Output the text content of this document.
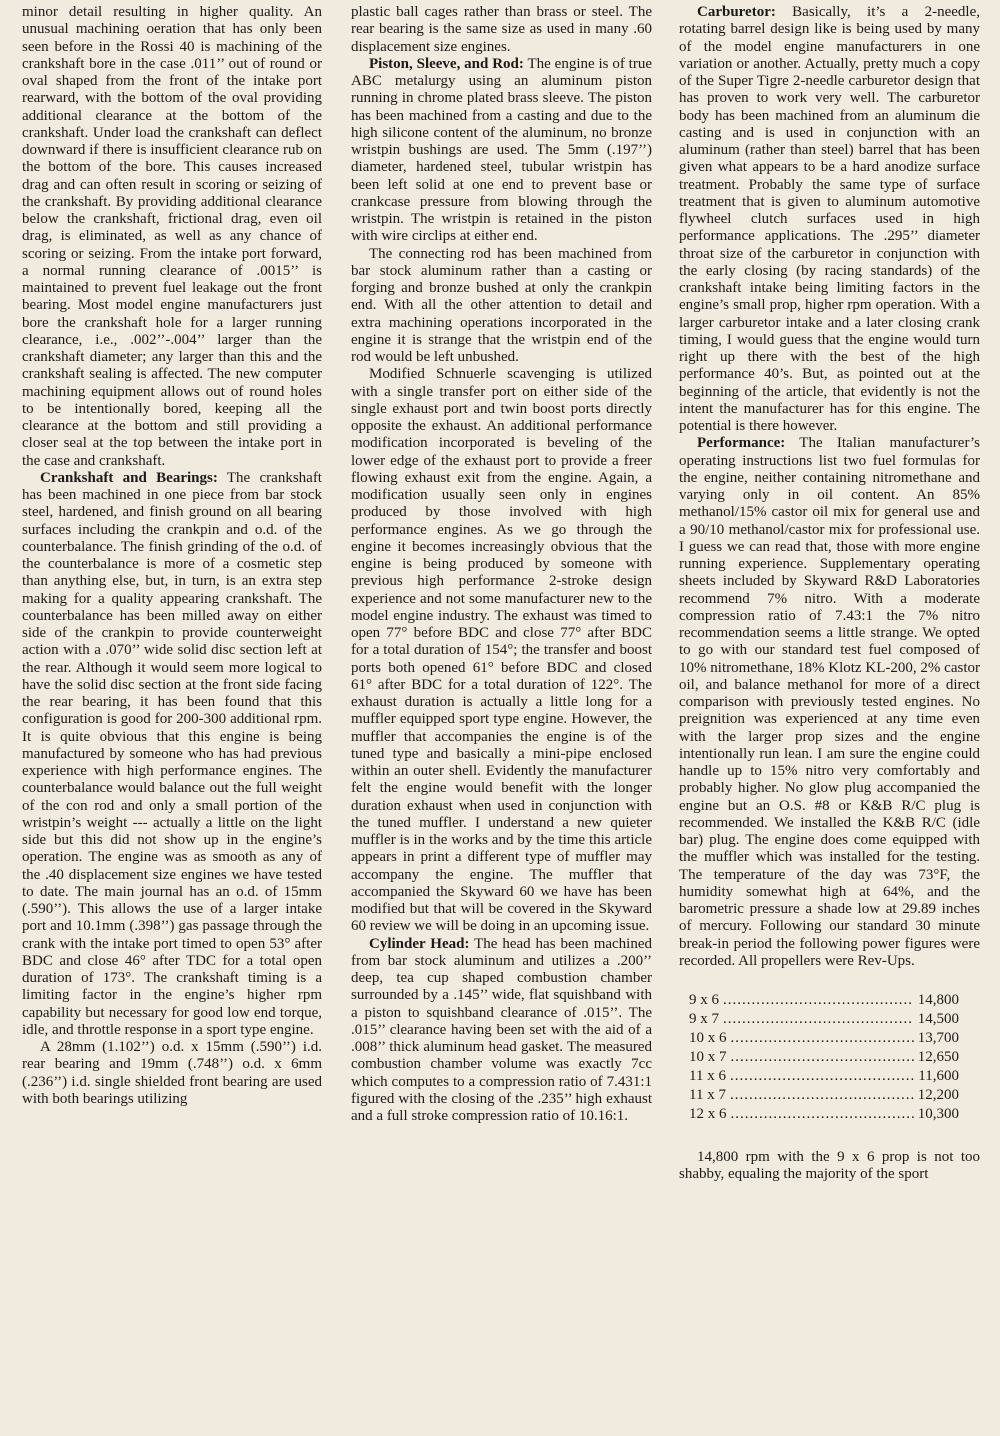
minor detail resulting in higher quality. An unusual machining oeration that has only been seen before in the Rossi 40 is machining of the crankshaft bore in the case .011’’ out of round or oval shaped from the front of the intake port rearward, with the bottom of the oval providing additional clearance at the bottom of the crankshaft. Under load the crankshaft can deflect downward if there is insufficient clearance rub on the bottom of the bore. This causes increased drag and can often result in scoring or seizing of the crankshaft. By providing additional clearance below the crankshaft, frictional drag, even oil drag, is eliminated, as well as any chance of scoring or seizing. From the intake port forward, a normal running clearance of .0015’’ is maintained to prevent fuel leakage out the front bearing. Most model engine manufacturers just bore the crankshaft hole for a larger running clearance, i.e., .002’’-.004’’ larger than the crankshaft diameter; any larger than this and the crankshaft sealing is affected. The new computer machining equipment allows out of round holes to be intentionally bored, keeping all the clearance at the bottom and still providing a closer seal at the top between the intake port in the case and crankshaft.

Crankshaft and Bearings: The crankshaft has been machined in one piece from bar stock steel, hardened, and finish ground on all bearing surfaces including the crankpin and o.d. of the counterbalance. The finish grinding of the o.d. of the counterbalance is more of a cosmetic step than anything else, but, in turn, is an extra step making for a quality appearing crankshaft. The counterbalance has been milled away on either side of the crankpin to provide counterweight action with a .070’’ wide solid disc section left at the rear. Although it would seem more logical to have the solid disc section at the front side facing the rear bearing, it has been found that this configuration is good for 200-300 additional rpm. It is quite obvious that this engine is being manufactured by someone who has had previous experience with high performance engines. The counterbalance would balance out the full weight of the con rod and only a small portion of the wristpin’s weight --- actually a little on the light side but this did not show up in the engine’s operation. The engine was as smooth as any of the .40 displacement size engines we have tested to date. The main journal has an o.d. of 15mm (.590’’). This allows the use of a larger intake port and 10.1mm (.398’’) gas passage through the crank with the intake port timed to open 53° after BDC and close 46° after TDC for a total open duration of 173°. The crankshaft timing is a limiting factor in the engine’s higher rpm capability but necessary for good low end torque, idle, and throttle response in a sport type engine.

A 28mm (1.102’’) o.d. x 15mm (.590’’) i.d. rear bearing and 19mm (.748’’) o.d. x 6mm (.236’’) i.d. single shielded front bearing are used with both bearings utilizing

plastic ball cages rather than brass or steel. The rear bearing is the same size as used in many .60 displacement size engines.

Piston, Sleeve, and Rod: The engine is of true ABC metalurgy using an aluminum piston running in chrome plated brass sleeve. The piston has been machined from a casting and due to the high silicone content of the aluminum, no bronze wristpin bushings are used. The 5mm (.197’’) diameter, hardened steel, tubular wristpin has been left solid at one end to prevent base or crankcase pressure from blowing through the wristpin. The wristpin is retained in the piston with wire circlips at either end.

The connecting rod has been machined from bar stock aluminum rather than a casting or forging and bronze bushed at only the crankpin end. With all the other attention to detail and extra machining operations incorporated in the engine it is strange that the wristpin end of the rod would be left unbushed.

Modified Schnuerle scavenging is utilized with a single transfer port on either side of the single exhaust port and twin boost ports directly opposite the exhaust. An additional performance modification incorporated is beveling of the lower edge of the exhaust port to provide a freer flowing exhaust exit from the engine. Again, a modification usually seen only in engines produced by those involved with high performance engines. As we go through the engine it becomes increasingly obvious that the engine is being produced by someone with previous high performance 2-stroke design experience and not some manufacturer new to the model engine industry. The exhaust was timed to open 77° before BDC and close 77° after BDC for a total duration of 154°; the transfer and boost ports both opened 61° before BDC and closed 61° after BDC for a total duration of 122°. The exhaust duration is actually a little long for a muffler equipped sport type engine. However, the muffler that accompanies the engine is of the tuned type and basically a mini-pipe enclosed within an outer shell. Evidently the manufacturer felt the engine would benefit with the longer duration exhaust when used in conjunction with the tuned muffler. I understand a new quieter muffler is in the works and by the time this article appears in print a different type of muffler may accompany the engine. The muffler that accompanied the Skyward 60 we have has been modified but that will be covered in the Skyward 60 review we will be doing in an upcoming issue.

Cylinder Head: The head has been machined from bar stock aluminum and utilizes a .200’’ deep, tea cup shaped combustion chamber surrounded by a .145’’ wide, flat squishband with a piston to squishband clearance of .015’’. The .015’’ clearance having been set with the aid of a .008’’ thick aluminum head gasket. The measured combustion chamber volume was exactly 7cc which computes to a compression ratio of 7.431:1 figured with the closing of the .235’’ high exhaust and a full stroke compression ratio of 10.16:1.

Carburetor: Basically, it’s a 2-needle, rotating barrel design like is being used by many of the model engine manufacturers in one variation or another. Actually, pretty much a copy of the Super Tigre 2-needle carburetor design that has proven to work very well. The carburetor body has been machined from an aluminum die casting and is used in conjunction with an aluminum (rather than steel) barrel that has been given what appears to be a hard anodize surface treatment. Probably the same type of surface treatment that is given to aluminum automotive flywheel clutch surfaces used in high performance applications. The .295’’ diameter throat size of the carburetor in conjunction with the early closing (by racing standards) of the crankshaft intake being limiting factors in the engine’s small prop, higher rpm operation. With a larger carburetor intake and a later closing crank timing, I would guess that the engine would turn right up there with the best of the high performance 40’s. But, as pointed out at the beginning of the article, that evidently is not the intent the manufacturer has for this engine. The potential is there however.

Performance: The Italian manufacturer’s operating instructions list two fuel formulas for the engine, neither containing nitromethane and varying only in oil content. An 85% methanol/15% castor oil mix for general use and a 90/10 methanol/castor mix for professional use. I guess we can read that, those with more engine running experience. Supplementary operating sheets included by Skyward R&D Laboratories recommend 7% nitro. With a moderate compression ratio of 7.43:1 the 7% nitro recommendation seems a little strange. We opted to go with our standard test fuel composed of 10% nitromethane, 18% Klotz KL-200, 2% castor oil, and balance methanol for more of a direct comparison with previously tested engines. No preignition was experienced at any time even with the larger prop sizes and the engine intentionally run lean. I am sure the engine could handle up to 15% nitro very comfortably and probably higher. No glow plug accompanied the engine but an O.S. #8 or K&B R/C plug is recommended. We installed the K&B R/C (idle bar) plug. The engine does come equipped with the muffler which was installed for the testing. The temperature of the day was 73°F, the humidity somewhat high at 64%, and the barometric pressure a shade low at 29.89 inches of mercury. Following our standard 30 minute break-in period the following power figures were recorded. All propellers were Rev-Ups.

9 x 6 .....	14,800
9 x 7 .....	14,500
10 x 6 .....	13,700
10 x 7 .....	12,650
11 x 6 .....	11,600
11 x 7 .....	12,200
12 x 6 .....	10,300

14,800 rpm with the 9 x 6 prop is not too shabby, equaling the majority of the sport
